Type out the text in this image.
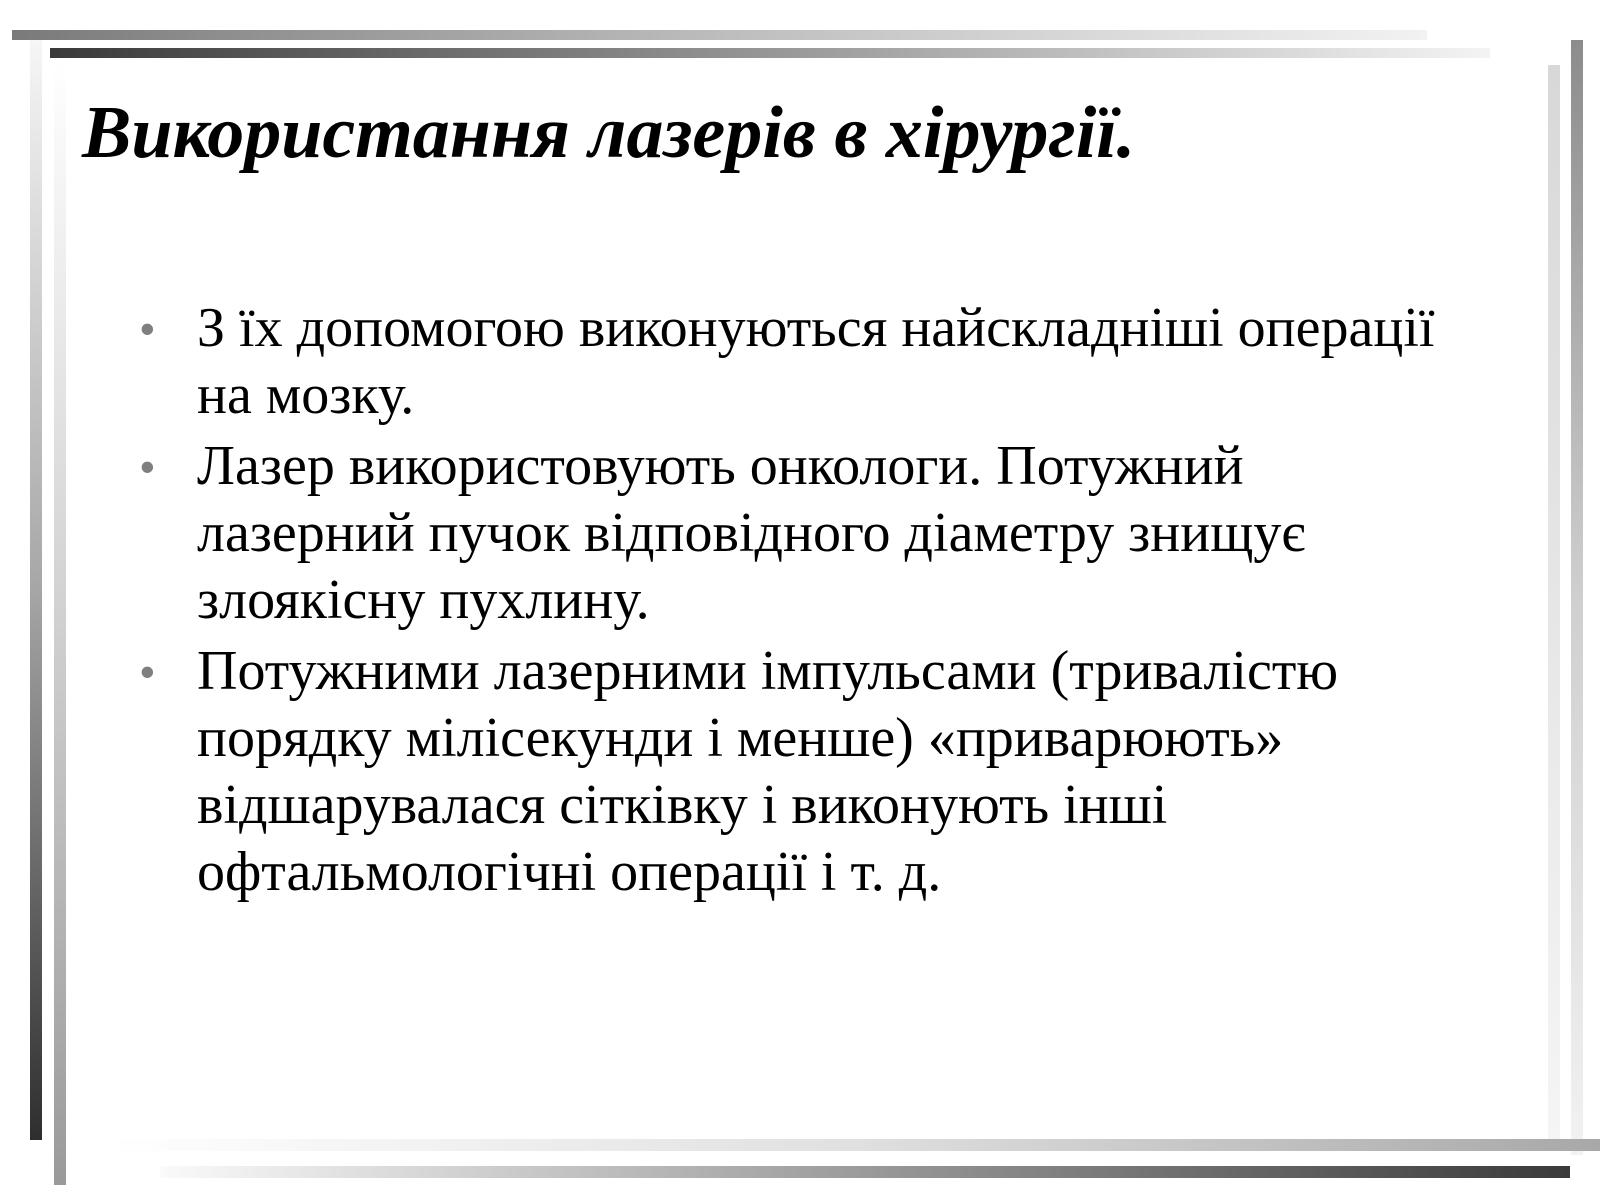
Використання лазерів в хірургії.
• З їх допомогою виконуються найскладніші операції на мозку.
• Лазер використовують онкологи. Потужний лазерний пучок відповідного діаметру знищує злоякісну пухлину.
• Потужними лазерними імпульсами (тривалістю порядку мілісекунди і менше) «приварюють» відшарувалася сітківку і виконують інші офтальмологічні операції і т. д.
